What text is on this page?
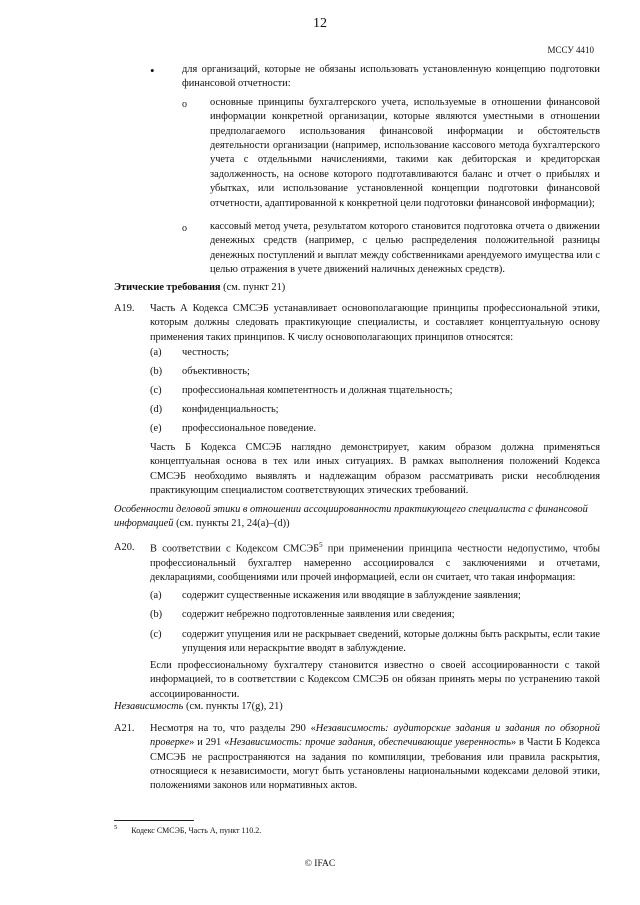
12
МССУ 4410
•	для организаций, которые не обязаны использовать установленную концепцию подготовки финансовой отчетности:
o основные принципы бухгалтерского учета, используемые в отношении финансовой информации конкретной организации, которые являются уместными в отношении предполагаемого использования финансовой информации и обстоятельств деятельности организации (например, использование кассового метода бухгалтерского учета с отдельными начислениями, такими как дебиторская и кредиторская задолженность, на основе которого подготавливаются баланс и отчет о прибылях и убытках, или использование установленной концепции подготовки финансовой отчетности, адаптированной к конкретной цели подготовки финансовой информации);
o кассовый метод учета, результатом которого становится подготовка отчета о движении денежных средств (например, с целью распределения положительной разницы денежных поступлений и выплат между собственниками арендуемого имущества или с целью отражения в учете движений наличных денежных средств).
Этические требования (см. пункт 21)
A19. Часть А Кодекса СМСЭБ устанавливает основополагающие принципы профессиональной этики, которым должны следовать практикующие специалисты, и составляет концептуальную основу применения таких принципов. К числу основополагающих принципов относятся:
(a) честность;
(b) объективность;
(c) профессиональная компетентность и должная тщательность;
(d) конфиденциальность;
(e) профессиональное поведение.
Часть Б Кодекса СМСЭБ наглядно демонстрирует, каким образом должна применяться концептуальная основа в тех или иных ситуациях. В рамках выполнения положений Кодекса СМСЭБ необходимо выявлять и надлежащим образом рассматривать риски несоблюдения практикующим специалистом соответствующих этических требований.
Особенности деловой этики в отношении ассоциированности практикующего специалиста с финансовой информацией (см. пункты 21, 24(a)–(d))
A20. В соответствии с Кодексом СМСЭБ$^5$ при применении принципа честности недопустимо, чтобы профессиональный бухгалтер намеренно ассоциировался с заключениями и отчетами, декларациями, сообщениями или прочей информацией, если он считает, что такая информация:
(a) содержит существенные искажения или вводящие в заблуждение заявления;
(b) содержит небрежно подготовленные заявления или сведения;
(c) содержит упущения или не раскрывает сведений, которые должны быть раскрыты, если такие упущения или нераскрытие вводят в заблуждение.
Если профессиональному бухгалтеру становится известно о своей ассоциированности с такой информацией, то в соответствии с Кодексом СМСЭБ он обязан принять меры по устранению такой ассоциированности.
Независимость (см. пункты 17(g), 21)
A21. Несмотря на то, что разделы 290 «Независимость: аудиторские задания и задания по обзорной проверке» и 291 «Независимость: прочие задания, обеспечивающие уверенность» в Части Б Кодекса СМСЭБ не распространяются на задания по компиляции, требования или правила раскрытия, относящиеся к независимости, могут быть установлены национальными кодексами деловой этики, положениями законов или нормативных актов.
$^5$ Кодекс СМСЭБ, Часть А, пункт 110.2.
© IFAC
